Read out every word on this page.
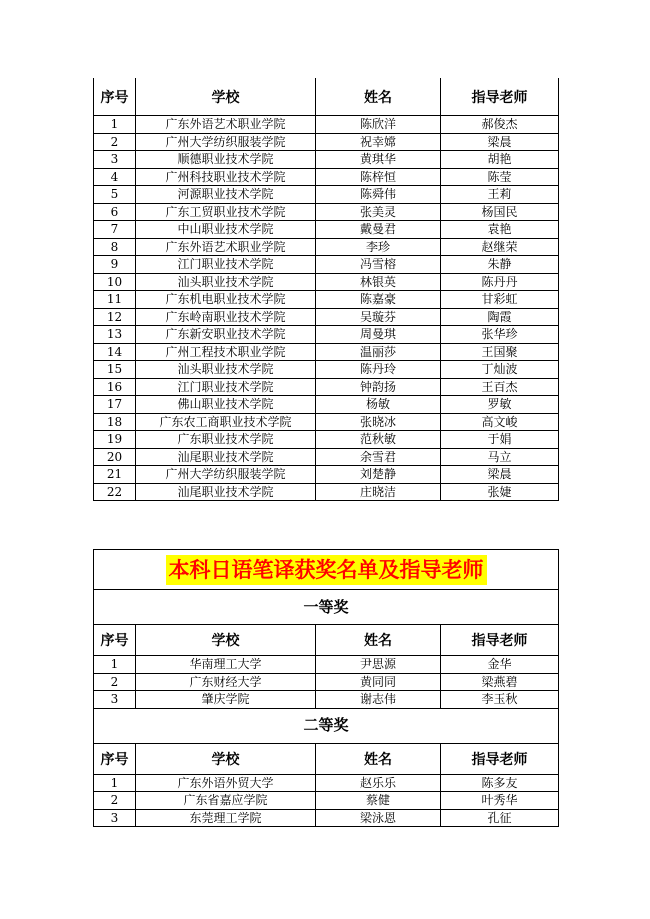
序号	学校	姓名	指导老师
1	广东外语艺术职业学院	陈欣洋	郝俊杰
2	广州大学纺织服装学院	祝幸嫦	梁晨
3	顺德职业技术学院	黄琪华	胡艳
4	广州科技职业技术学院	陈梓恒	陈莹
5	河源职业技术学院	陈舜伟	王莉
6	广东工贸职业技术学院	张美灵	杨国民
7	中山职业技术学院	戴曼君	袁艳
8	广东外语艺术职业学院	李珍	赵继荣
9	江门职业技术学院	冯雪榕	朱静
10	汕头职业技术学院	林银英	陈丹丹
11	广东机电职业技术学院	陈嘉豪	甘彩虹
12	广东岭南职业技术学院	吴璇芬	陶霞
13	广东新安职业技术学院	周曼琪	张华珍
14	广州工程技术职业学院	温丽莎	王国聚
15	汕头职业技术学院	陈丹玲	丁灿波
16	江门职业技术学院	钟韵扬	王百杰
17	佛山职业技术学院	杨敏	罗敏
18	广东农工商职业技术学院	张晓冰	高文峻
19	广东职业技术学院	范秋敏	于娟
20	汕尾职业技术学院	余雪君	马立
21	广州大学纺织服装学院	刘楚静	梁晨
22	汕尾职业技术学院	庄晓洁	张婕
本科日语笔译获奖名单及指导老师			
一等奖			
序号	学校	姓名	指导老师
1	华南理工大学	尹思源	金华
2	广东财经大学	黄同同	梁燕碧
3	肇庆学院	谢志伟	李玉秋
二等奖			
序号	学校	姓名	指导老师
1	广东外语外贸大学	赵乐乐	陈多友
2	广东省嘉应学院	蔡健	叶秀华
3	东莞理工学院	梁泳恩	孔征
